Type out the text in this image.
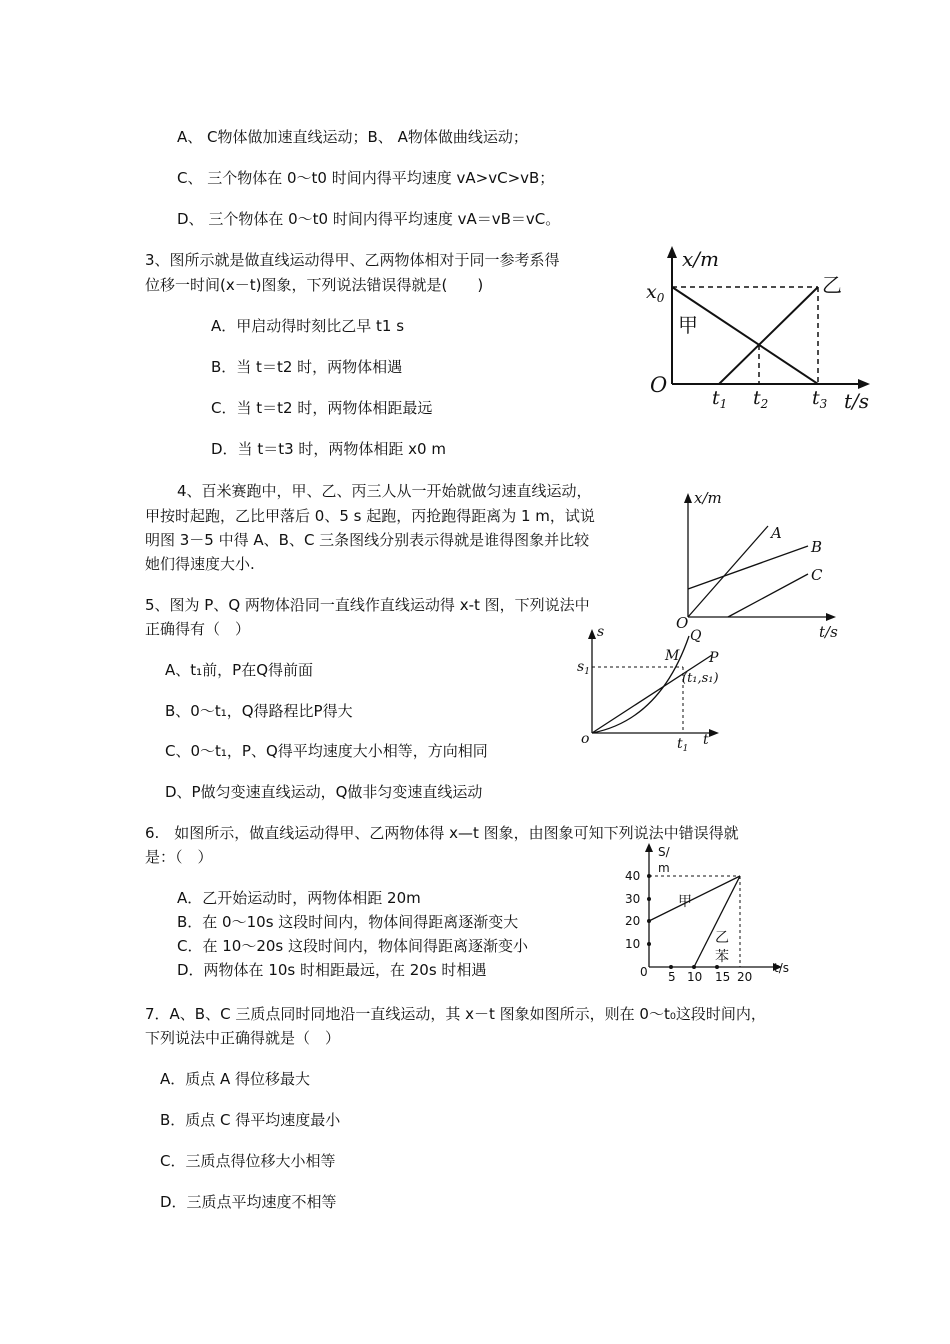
A、 C物体做加速直线运动；B、 A物体做曲线运动；
C、 三个物体在 0～t0 时间内得平均速度 vA>vC>vB；
D、 三个物体在 0～t0 时间内得平均速度 vA＝vB＝vC。
3、图所示就是做直线运动得甲、乙两物体相对于同一参考系得
位移一时间(x－t)图象，下列说法错误得就是(　　)
A．甲启动得时刻比乙早 t1 s
B．当 t＝t2 时，两物体相遇
C．当 t＝t2 时，两物体相距最远
D．当 t＝t3 时，两物体相距 x0 m
x/m
$x_0$
甲
乙
O
$t_1$ $t_2$ $t_3$ t/s
4、百米赛跑中，甲、乙、丙三人从一开始就做匀速直线运动，
甲按时起跑，乙比甲落后 0、5 s 起跑，丙抢跑得距离为 1 m，试说
明图 3－5 中得 A、B、C 三条图线分别表示得就是谁得图象并比较
她们得速度大小.
x/m
A
B
C
O	t/s
5、图为 P、Q 两物体沿同一直线作直线运动得 x-t 图，下列说法中
正确得有（　）
A、t₁前，P在Q得前面
B、0～t₁，Q得路程比P得大
C、0～t₁，P、Q得平均速度大小相等，方向相同
D、P做匀变速直线运动，Q做非匀变速直线运动
s
$s_1$
Q
P
M
(t₁,s₁)
o	$t_1$
t
6.　如图所示，做直线运动得甲、乙两物体得 x—t 图象，由图象可知下列说法中错误得就
是：（　）
A．乙开始运动时，两物体相距 20m
B．在 0～10s 这段时间内，物体间得距离逐渐变大
C．在 10～20s 这段时间内，物体间得距离逐渐变小
D．两物体在 10s 时相距最远，在 20s 时相遇
S/
m
40
30
20
10
0 5 10 15 20
t/s
甲
乙
苯
7．A、B、C 三质点同时同地沿一直线运动，其 x－t 图象如图所示，则在 0～t₀这段时间内，
下列说法中正确得就是（　）
A．质点 A 得位移最大
B．质点 C 得平均速度最小
C．三质点得位移大小相等
D．三质点平均速度不相等
